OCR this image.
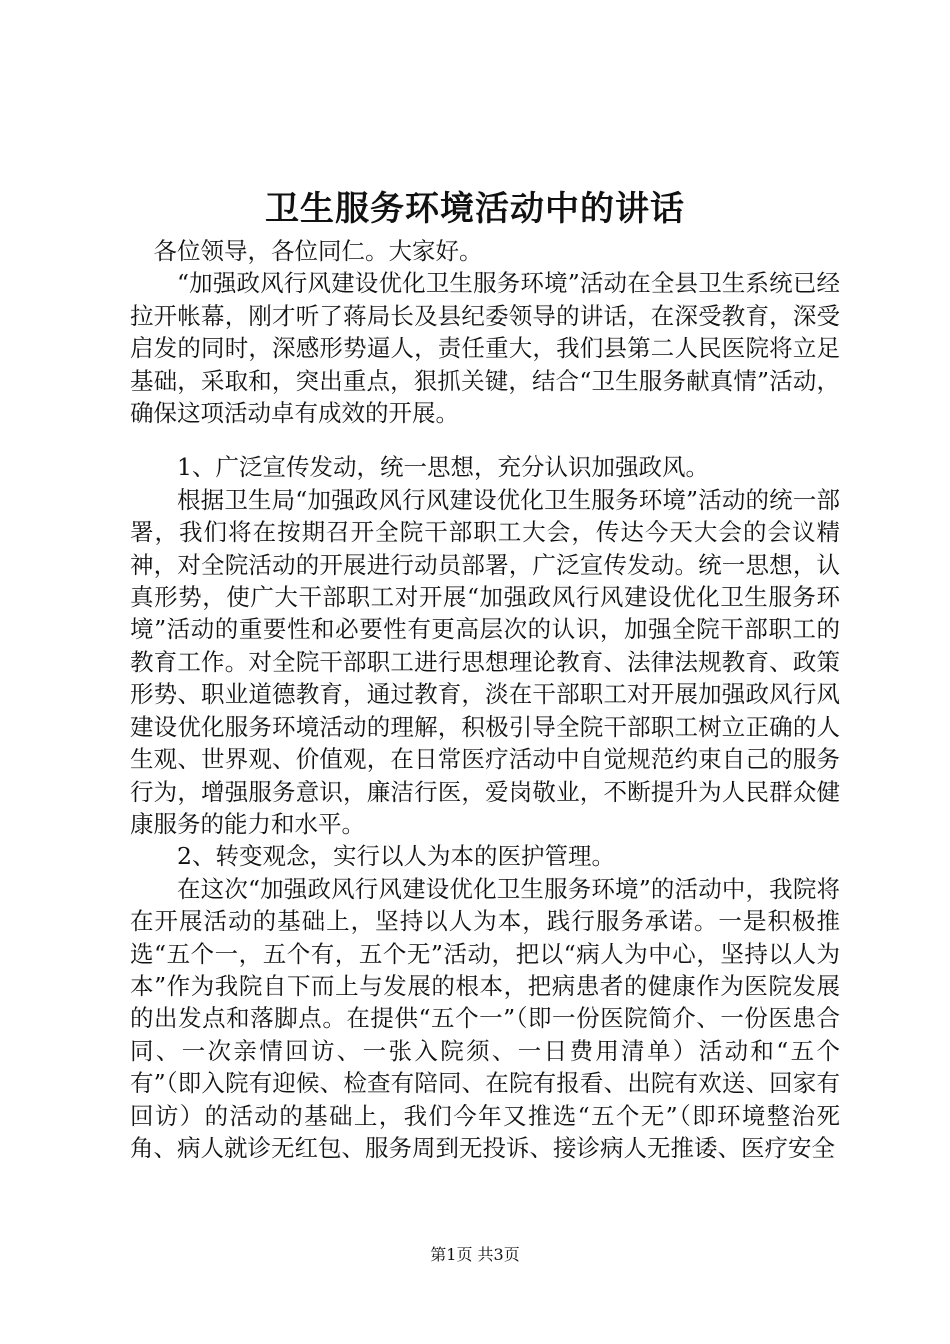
卫生服务环境活动中的讲话

各位领导，各位同仁。大家好。

“加强政风行风建设优化卫生服务环境”活动在全县卫生系统已经拉开帐幕，刚才听了蒋局长及县纪委领导的讲话，在深受教育，深受启发的同时，深感形势逼人，责任重大，我们县第二人民医院将立足基础，采取和，突出重点，狠抓关键，结合“卫生服务献真情”活动，确保这项活动卓有成效的开展。

1、广泛宣传发动，统一思想，充分认识加强政风。

根据卫生局“加强政风行风建设优化卫生服务环境”活动的统一部署，我们将在按期召开全院干部职工大会，传达今天大会的会议精神，对全院活动的开展进行动员部署，广泛宣传发动。统一思想，认真形势，使广大干部职工对开展“加强政风行风建设优化卫生服务环境”活动的重要性和必要性有更高层次的认识，加强全院干部职工的教育工作。对全院干部职工进行思想理论教育、法律法规教育、政策形势、职业道德教育，通过教育，淡在干部职工对开展加强政风行风建设优化服务环境活动的理解，积极引导全院干部职工树立正确的人生观、世界观、价值观，在日常医疗活动中自觉规范约束自己的服务行为，增强服务意识，廉洁行医，爱岗敬业，不断提升为人民群众健康服务的能力和水平。

2、转变观念，实行以人为本的医护管理。

在这次“加强政风行风建设优化卫生服务环境”的活动中，我院将在开展活动的基础上，坚持以人为本，践行服务承诺。一是积极推选“五个一，五个有，五个无”活动，把以“病人为中心，坚持以人为本”作为我院自下而上与发展的根本，把病患者的健康作为医院发展的出发点和落脚点。在提供“五个一”（即一份医院简介、一份医患合同、一次亲情回访、一张入院须、一日费用清单）活动和“五个有”（即入院有迎候、检查有陪同、在院有报看、出院有欢送、回家有回访）的活动的基础上，我们今年又推选“五个无”（即环境整治死角、病人就诊无红包、服务周到无投诉、接诊病人无推诿、医疗安全

第1页 共3页
